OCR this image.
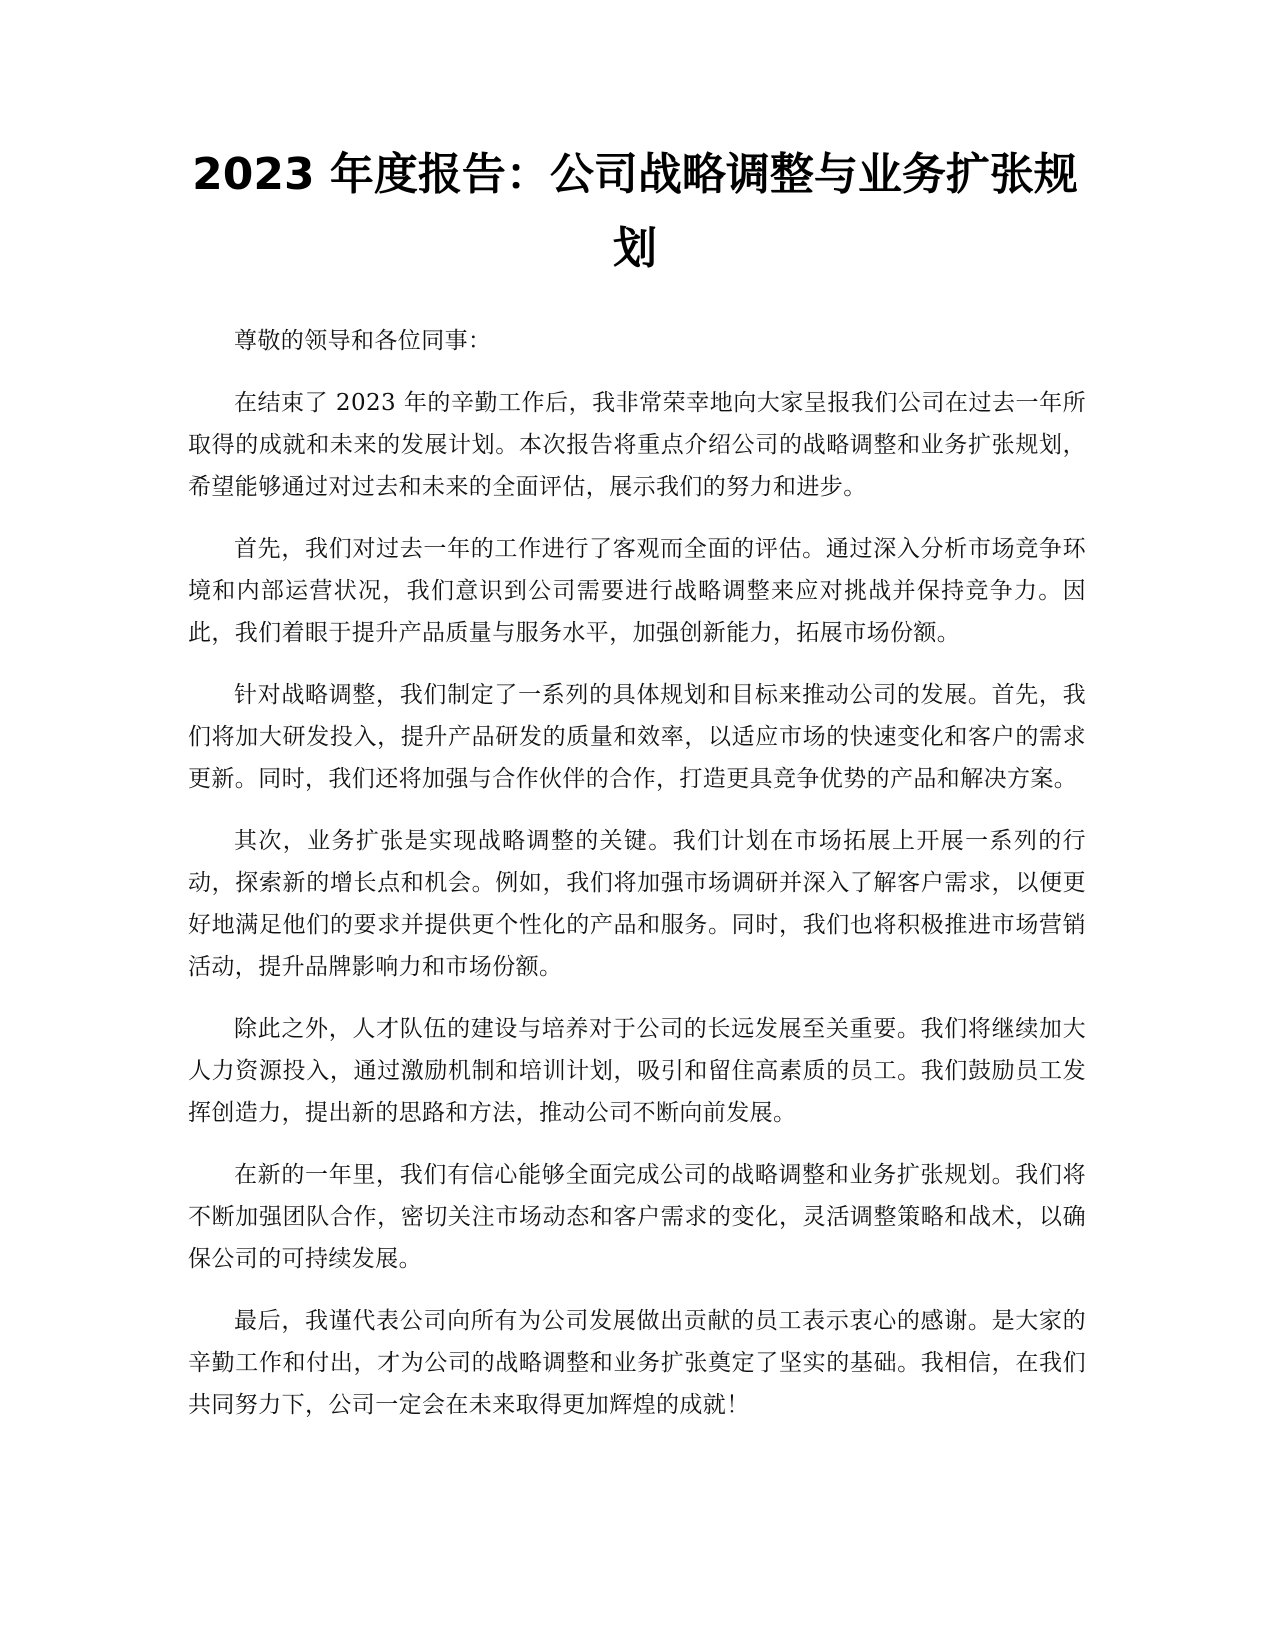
2023 年度报告：公司战略调整与业务扩张规划

尊敬的领导和各位同事：

在结束了 2023 年的辛勤工作后，我非常荣幸地向大家呈报我们公司在过去一年所取得的成就和未来的发展计划。本次报告将重点介绍公司的战略调整和业务扩张规划，希望能够通过对过去和未来的全面评估，展示我们的努力和进步。

首先，我们对过去一年的工作进行了客观而全面的评估。通过深入分析市场竞争环境和内部运营状况，我们意识到公司需要进行战略调整来应对挑战并保持竞争力。因此，我们着眼于提升产品质量与服务水平，加强创新能力，拓展市场份额。

针对战略调整，我们制定了一系列的具体规划和目标来推动公司的发展。首先，我们将加大研发投入，提升产品研发的质量和效率，以适应市场的快速变化和客户的需求更新。同时，我们还将加强与合作伙伴的合作，打造更具竞争优势的产品和解决方案。

其次，业务扩张是实现战略调整的关键。我们计划在市场拓展上开展一系列的行动，探索新的增长点和机会。例如，我们将加强市场调研并深入了解客户需求，以便更好地满足他们的要求并提供更个性化的产品和服务。同时，我们也将积极推进市场营销活动，提升品牌影响力和市场份额。

除此之外，人才队伍的建设与培养对于公司的长远发展至关重要。我们将继续加大人力资源投入，通过激励机制和培训计划，吸引和留住高素质的员工。我们鼓励员工发挥创造力，提出新的思路和方法，推动公司不断向前发展。

在新的一年里，我们有信心能够全面完成公司的战略调整和业务扩张规划。我们将不断加强团队合作，密切关注市场动态和客户需求的变化，灵活调整策略和战术，以确保公司的可持续发展。

最后，我谨代表公司向所有为公司发展做出贡献的员工表示衷心的感谢。是大家的辛勤工作和付出，才为公司的战略调整和业务扩张奠定了坚实的基础。我相信，在我们共同努力下，公司一定会在未来取得更加辉煌的成就！
